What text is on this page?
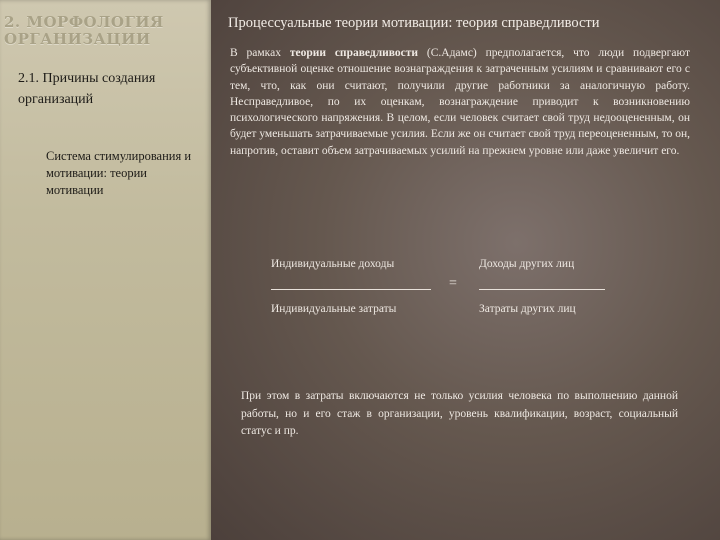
2. МОРФОЛОГИЯ ОРГАНИЗАЦИИ
2.1. Причины создания организаций
Система стимулирования и мотивации: теории мотивации
Процессуальные теории мотивации: теория справедливости
В рамках теории справедливости (С.Адамс) предполагается, что люди подвергают субъективной оценке отношение вознаграждения к затраченным усилиям и сравнивают его с тем, что, как они считают, получили другие работники за аналогичную работу. Несправедливое, по их оценкам, вознаграждение приводит к возникновению психологического напряжения. В целом, если человек считает свой труд недооцененным, он будет уменьшать затрачиваемые усилия. Если же он считает свой труд переоцененным, то он, напротив, оставит объем затрачиваемых усилий на прежнем уровне или даже увеличит его.
Индивидуальные доходы
Индивидуальные затраты
=
Доходы других лиц
Затраты других лиц
При этом в затраты включаются не только усилия человека по выполнению данной работы, но и его стаж в организации, уровень квалификации, возраст, социальный статус и пр.
